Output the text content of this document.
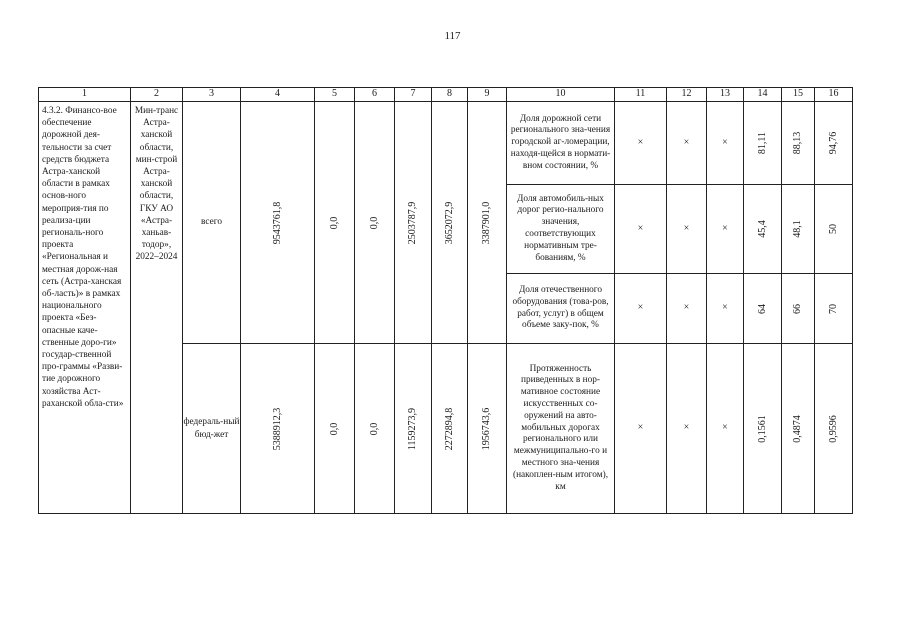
117
1	2	3	4	5	6	7	8	9	10	11	12	13	14	15	16
4.3.2. Финансо-вое обеспечение дорожной дея-тельности за счет средств бюджета Астра-ханской области в рамках основ-ного мероприя-тия по реализа-ции региональ-ного проекта «Региональная и местная дорож-ная сеть (Астра-ханская об-ласть)» в рамках национального проекта «Без-опасные каче-ственные доро-ги» государ-ственной про-граммы «Разви-тие дорожного хозяйства Аст-раханской обла-сти»	Мин-транс Астра-ханской области, мин-строй Астра-ханской области, ГКУ АО «Астра-ханьав-тодор», 2022–2024	всего	9543761,8	0,0	0,0	2503787,9	3652072,9	3387901,0	Доля дорожной сети регионального зна-чения городской аг-ломерации, находя-щейся в нормати-вном состоянии, %	×	×	×	81,11	88,13	94,76

									Доля автомобиль-ных дорог регио-нального значения, соответствующих нормативным тре-бованиям, %	×	×	×	45,4	48,1	50

									Доля отечественного оборудования (това-ров, работ, услуг) в общем объеме заку-пок, %	×	×	×	64	66	70

		федераль-ный бюд-жет	5388912,3	0,0	0,0	1159273,9	2272894,8	1956743,6	Протяженность приведенных в нор-мативное состояние искусственных со-оружений на авто-мобильных дорогах регионального или межмуниципально-го и местного зна-чения (накоплен-ным итогом), км	×	×	×	0,1561	0,4874	0,9596
